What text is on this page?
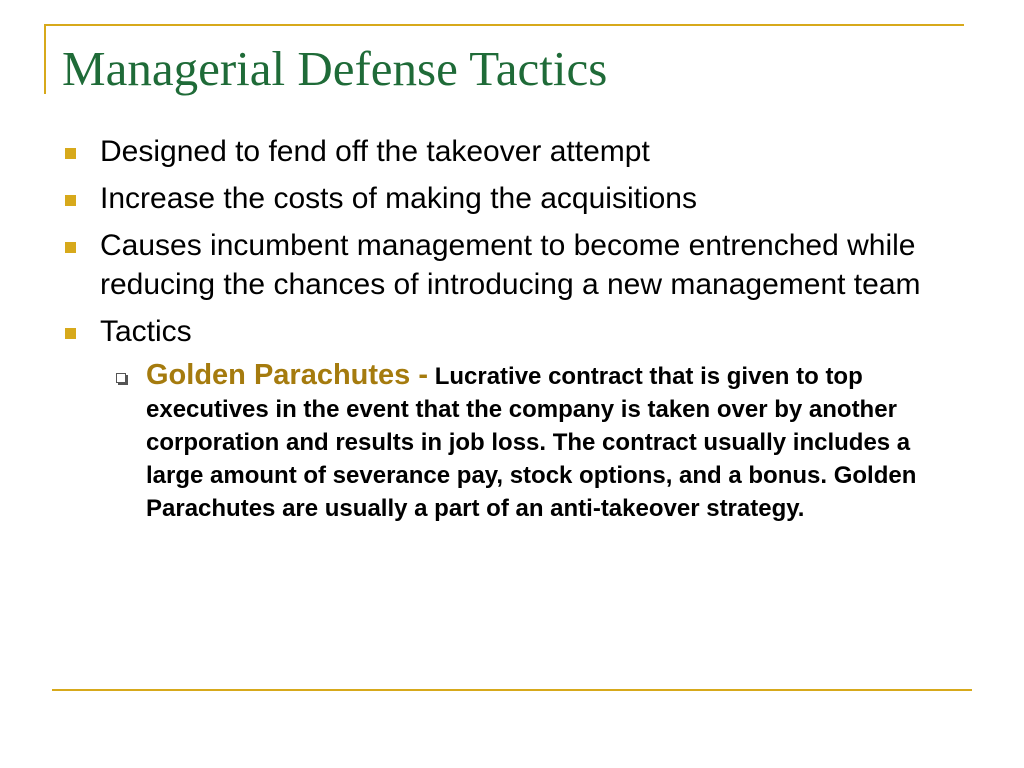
Managerial Defense Tactics
Designed to fend off the takeover attempt
Increase the costs of making the acquisitions
Causes incumbent management to become entrenched while reducing the chances of introducing a new management team
Tactics
Golden Parachutes - Lucrative contract that is given to top executives in the event that the company is taken over by another corporation and results in job loss. The contract usually includes a large amount of severance pay, stock options, and a bonus. Golden Parachutes are usually a part of an anti-takeover strategy.
